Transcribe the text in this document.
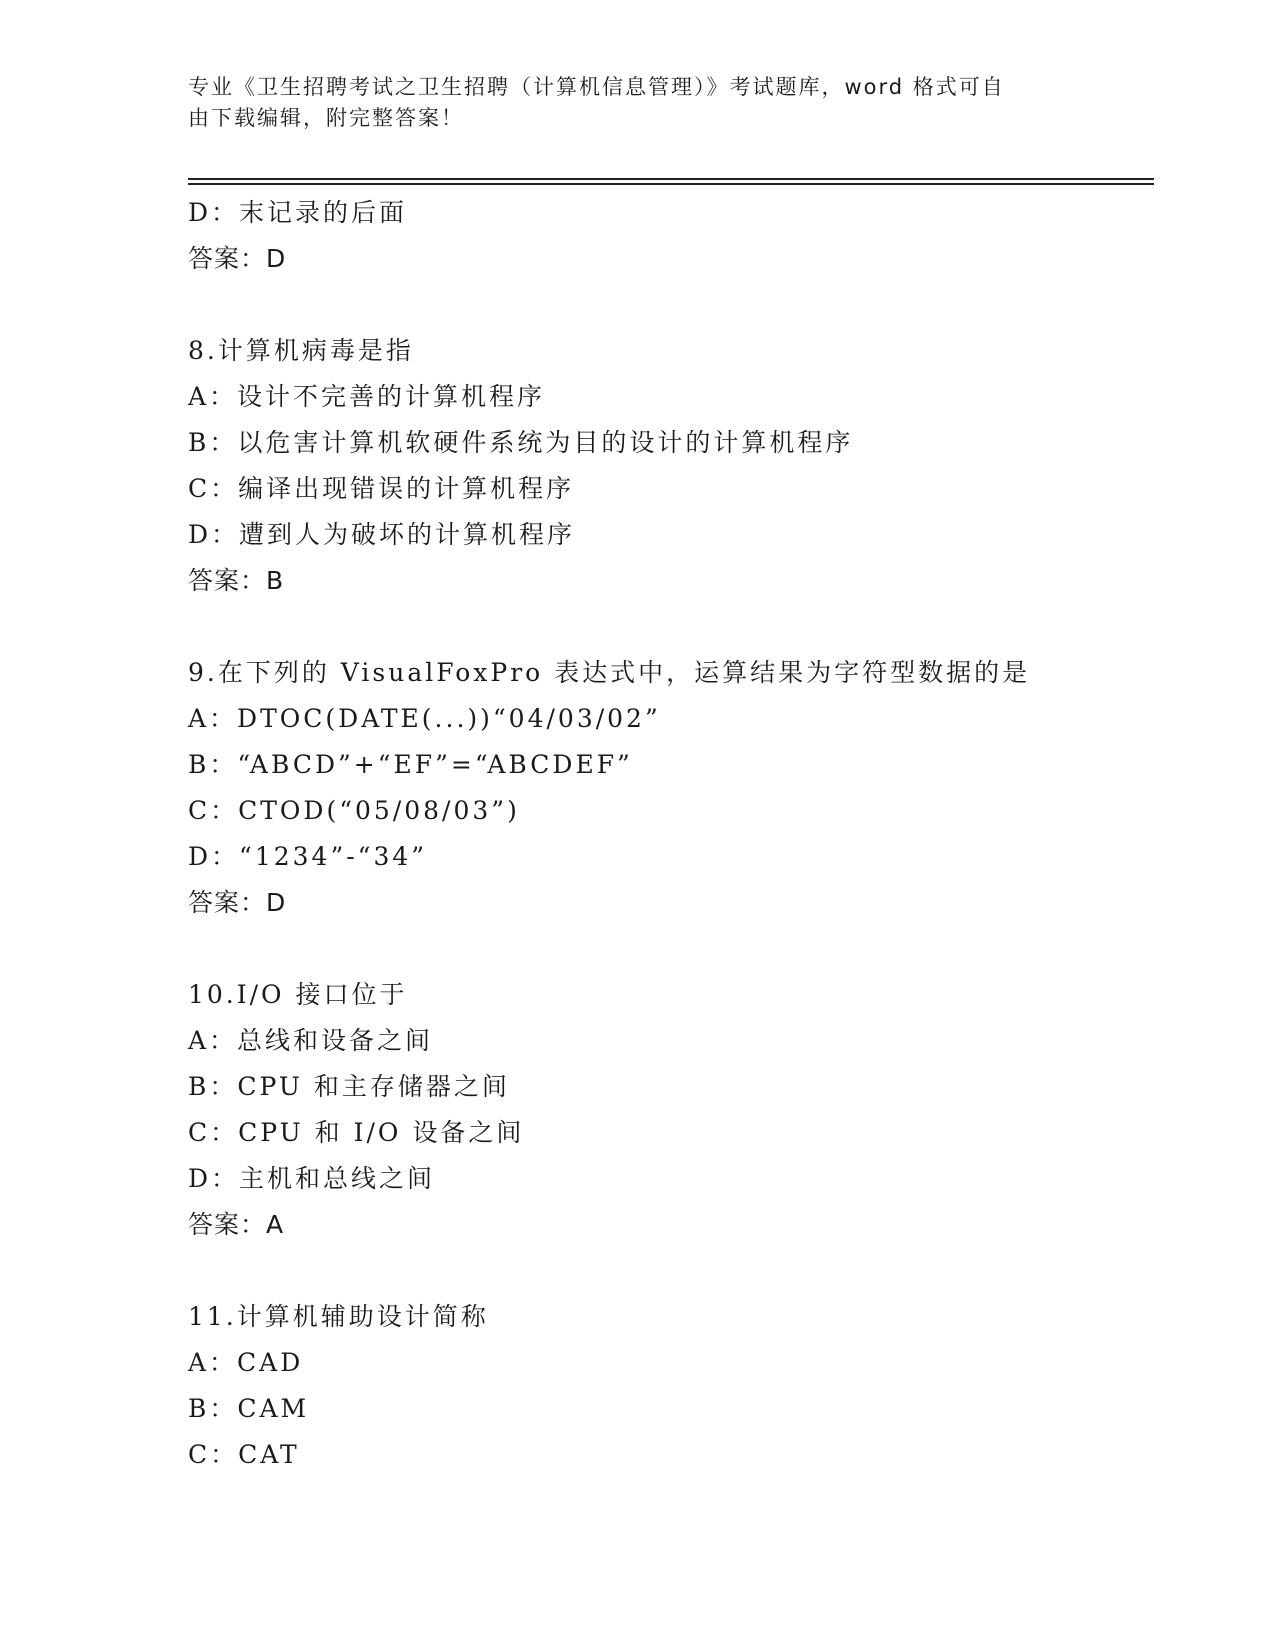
专业《卫生招聘考试之卫生招聘（计算机信息管理）》考试题库，word 格式可自
由下载编辑，附完整答案！
D：末记录的后面
答案：D
8.计算机病毒是指
A：设计不完善的计算机程序
B：以危害计算机软硬件系统为目的设计的计算机程序
C：编译出现错误的计算机程序
D：遭到人为破坏的计算机程序
答案：B
9.在下列的 VisualFoxPro 表达式中，运算结果为字符型数据的是
A：DTOC(DATE(...))“04/03/02”
B：“ABCD”+“EF”=“ABCDEF”
C：CTOD(“05/08/03”)
D：“1234”-“34”
答案：D
10.I/O 接口位于
A：总线和设备之间
B：CPU 和主存储器之间
C：CPU 和 I/O 设备之间
D：主机和总线之间
答案：A
11.计算机辅助设计简称
A：CAD
B：CAM
C：CAT
